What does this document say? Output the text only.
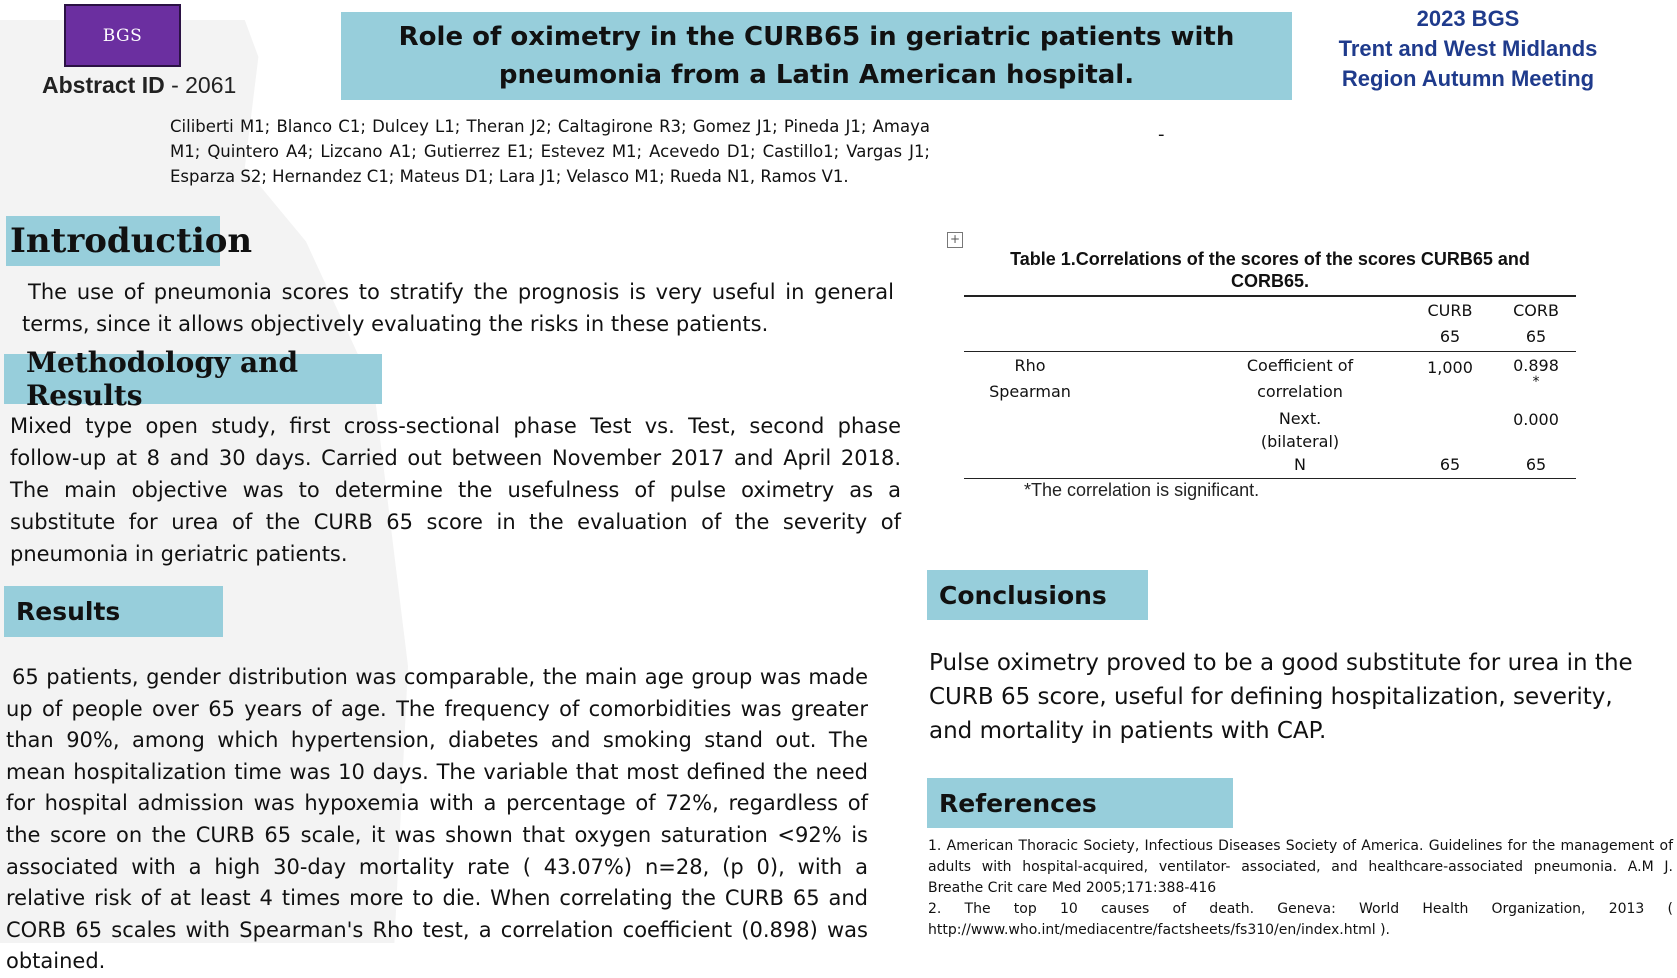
BGS
Abstract ID - 2061
Role of oximetry in the CURB65 in geriatric patients with pneumonia from a Latin American hospital.
2023 BGS
Trent and West Midlands
Region Autumn Meeting
Ciliberti M1; Blanco C1; Dulcey L1; Theran J2; Caltagirone R3; Gomez J1; Pineda J1; Amaya M1; Quintero A4; Lizcano A1; Gutierrez E1; Estevez M1; Acevedo D1; Castillo1; Vargas J1; Esparza S2; Hernandez C1; Mateus D1; Lara J1; Velasco M1; Rueda N1, Ramos V1.
-
Introduction
The use of pneumonia scores to stratify the prognosis is very useful in general terms, since it allows objectively evaluating the risks in these patients.
Methodology and Results
Mixed type open study, first cross-sectional phase Test vs. Test, second phase follow-up at 8 and 30 days. Carried out between November 2017 and April 2018. The main objective was to determine the usefulness of pulse oximetry as a substitute for urea of the CURB 65 score in the evaluation of the severity of pneumonia in geriatric patients.
Results
65 patients, gender distribution was comparable, the main age group was made up of people over 65 years of age. The frequency of comorbidities was greater than 90%, among which hypertension, diabetes and smoking stand out. The mean hospitalization time was 10 days. The variable that most defined the need for hospital admission was hypoxemia with a percentage of 72%, regardless of the score on the CURB 65 scale, it was shown that oxygen saturation <92% is associated with a high 30-day mortality rate ( 43.07%) n=28, (p 0), with a relative risk of at least 4 times more to die. When correlating the CURB 65 and CORB 65 scales with Spearman's Rho test, a correlation coefficient (0.898) was obtained.
+
Table 1.Correlations of the scores of the scores CURB65 and CORB65.
CURB
65
CORB
65
Rho
Spearman
Coefficient of
correlation
Next.
(bilateral)
N
1,000	0.898
*
0.000
65	65
*The correlation is significant.
Conclusions
Pulse oximetry proved to be a good substitute for urea in the CURB 65 score, useful for defining hospitalization, severity, and mortality in patients with CAP.
References
1. American Thoracic Society, Infectious Diseases Society of America. Guidelines for the management of adults with hospital-acquired, ventilator- associated, and healthcare-associated pneumonia. A.M J. Breathe Crit care Med 2005;171:388-416
2. The top 10 causes of death. Geneva: World Health Organization, 2013 ( http://www.who.int/mediacentre/factsheets/fs310/en/index.html ).
